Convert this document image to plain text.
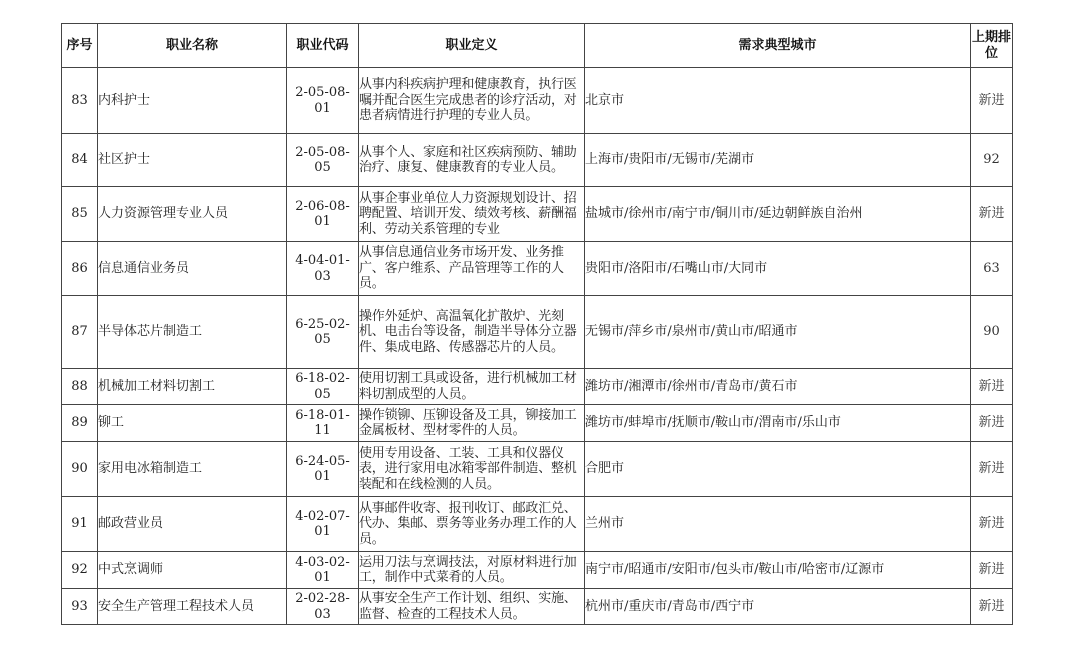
序号	职业名称	职业代码	职业定义	需求典型城市	上期排位
83	内科护士	2-05-08-01	从事内科疾病护理和健康教育，执行医嘱并配合医生完成患者的诊疗活动，对患者病情进行护理的专业人员。	北京市	新进
84	社区护士	2-05-08-05	从事个人、家庭和社区疾病预防、辅助治疗、康复、健康教育的专业人员。	上海市/贵阳市/无锡市/芜湖市	92
85	人力资源管理专业人员	2-06-08-01	从事企事业单位人力资源规划设计、招聘配置、培训开发、绩效考核、薪酬福利、劳动关系管理的专业	盐城市/徐州市/南宁市/铜川市/延边朝鲜族自治州	新进
86	信息通信业务员	4-04-01-03	从事信息通信业务市场开发、业务推广、客户维系、产品管理等工作的人员。	贵阳市/洛阳市/石嘴山市/大同市	63
87	半导体芯片制造工	6-25-02-05	操作外延炉、高温氧化扩散炉、光刻机、电击台等设备，制造半导体分立器件、集成电路、传感器芯片的人员。	无锡市/萍乡市/泉州市/黄山市/昭通市	90
88	机械加工材料切割工	6-18-02-05	使用切割工具或设备，进行机械加工材料切割成型的人员。	潍坊市/湘潭市/徐州市/青岛市/黄石市	新进
89	铆工	6-18-01-11	操作锁铆、压铆设备及工具，铆接加工金属板材、型材零件的人员。	潍坊市/蚌埠市/抚顺市/鞍山市/渭南市/乐山市	新进
90	家用电冰箱制造工	6-24-05-01	使用专用设备、工装、工具和仪器仪表，进行家用电冰箱零部件制造、整机装配和在线检测的人员。	合肥市	新进
91	邮政营业员	4-02-07-01	从事邮件收寄、报刊收订、邮政汇兑、代办、集邮、票务等业务办理工作的人员。	兰州市	新进
92	中式烹调师	4-03-02-01	运用刀法与烹调技法，对原材料进行加工，制作中式菜肴的人员。	南宁市/昭通市/安阳市/包头市/鞍山市/哈密市/辽源市	新进
93	安全生产管理工程技术人员	2-02-28-03	从事安全生产工作计划、组织、实施、监督、检查的工程技术人员。	杭州市/重庆市/青岛市/西宁市	新进
